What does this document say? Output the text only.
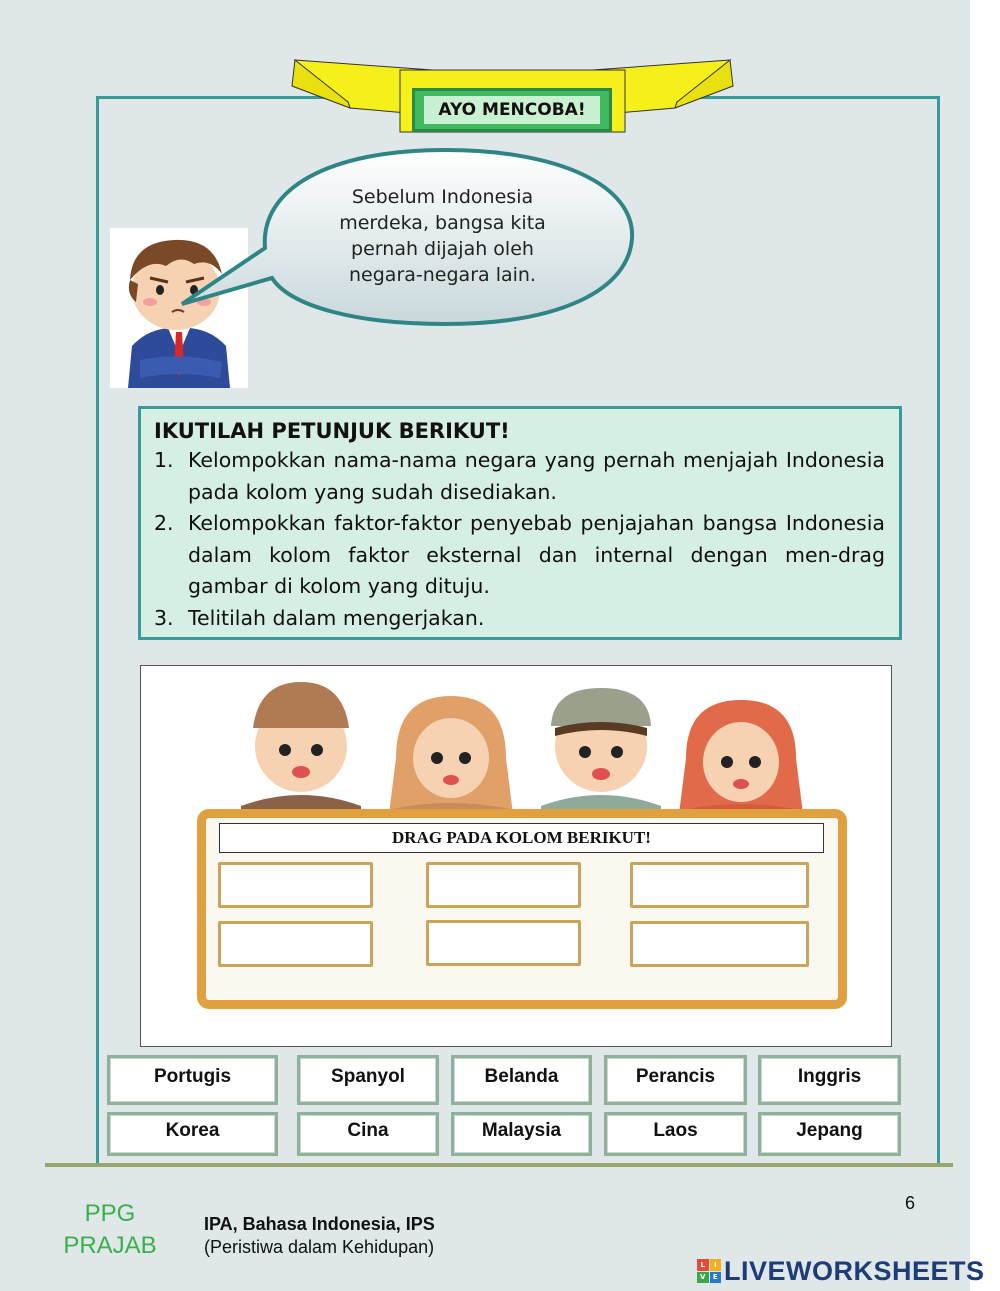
AYO MENCOBA!
Sebelum Indonesia
merdeka, bangsa kita
pernah dijajah oleh
negara-negara lain.
IKUTILAH PETUNJUK BERIKUT!
1. Kelompokkan nama-nama negara yang pernah menjajah Indonesia pada kolom yang sudah disediakan.
2. Kelompokkan faktor-faktor penyebab penjajahan bangsa Indonesia dalam kolom faktor eksternal dan internal dengan men-drag gambar di kolom yang dituju.
3. Telitilah dalam mengerjakan.
DRAG PADA KOLOM BERIKUT!
Portugis	Spanyol	Belanda	Perancis	Inggris
Korea	Cina	Malaysia	Laos	Jepang
PPG
PRAJAB
IPA, Bahasa Indonesia, IPS
(Peristiwa dalam Kehidupan)
6
L	I
V	E LIVEWORKSHEETS
